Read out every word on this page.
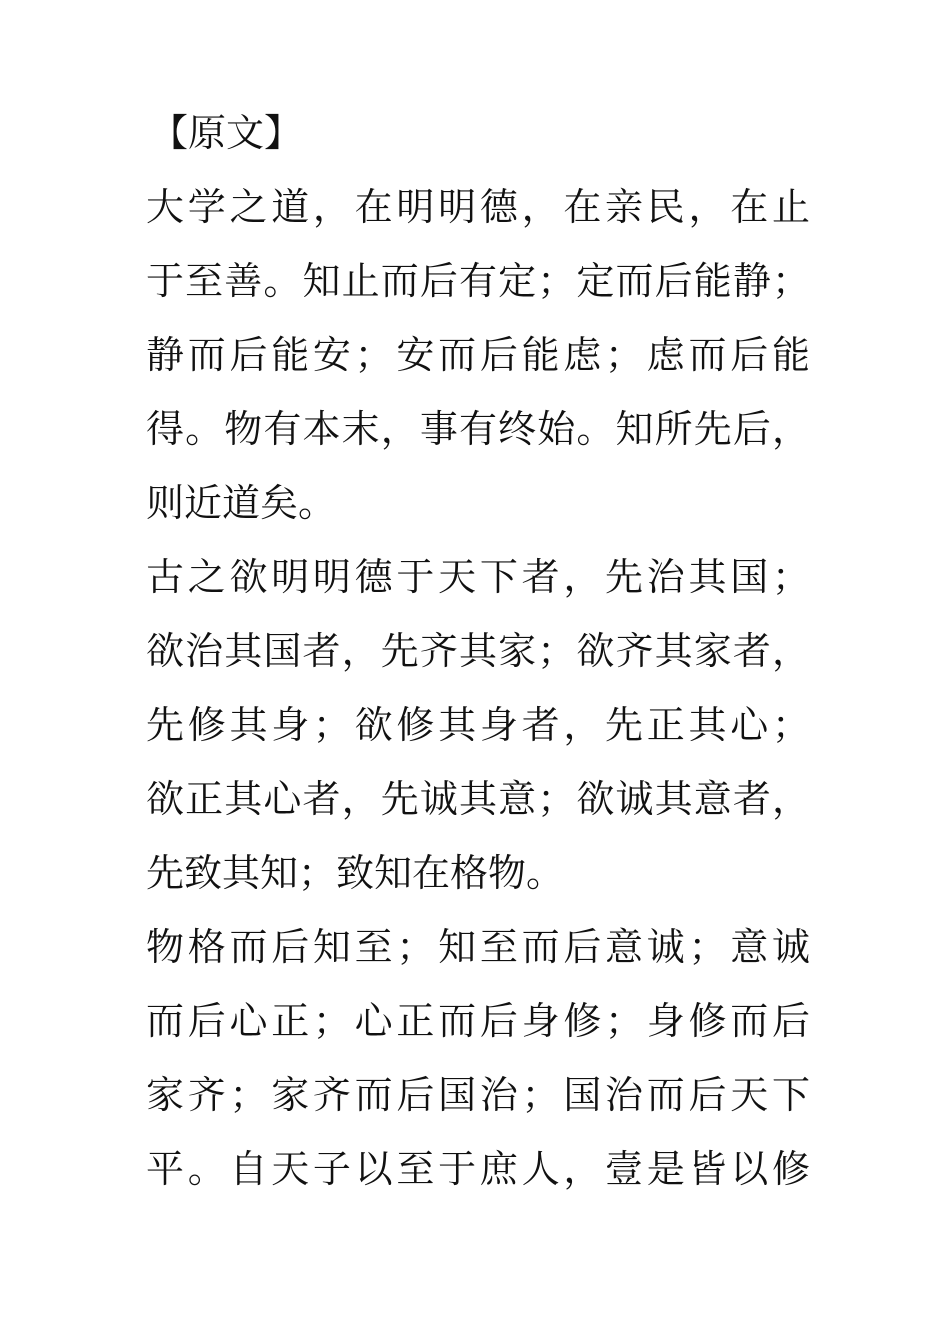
【原文】
大学之道，在明明德，在亲民，在止
于至善。知止而后有定；定而后能静；
静而后能安；安而后能虑；虑而后能
得。物有本末，事有终始。知所先后，
则近道矣。
古之欲明明德于天下者，先治其国；
欲治其国者，先齐其家；欲齐其家者，
先修其身；欲修其身者，先正其心；
欲正其心者，先诚其意；欲诚其意者，
先致其知；致知在格物。
物格而后知至；知至而后意诚；意诚
而后心正；心正而后身修；身修而后
家齐；家齐而后国治；国治而后天下
平。自天子以至于庶人，壹是皆以修
